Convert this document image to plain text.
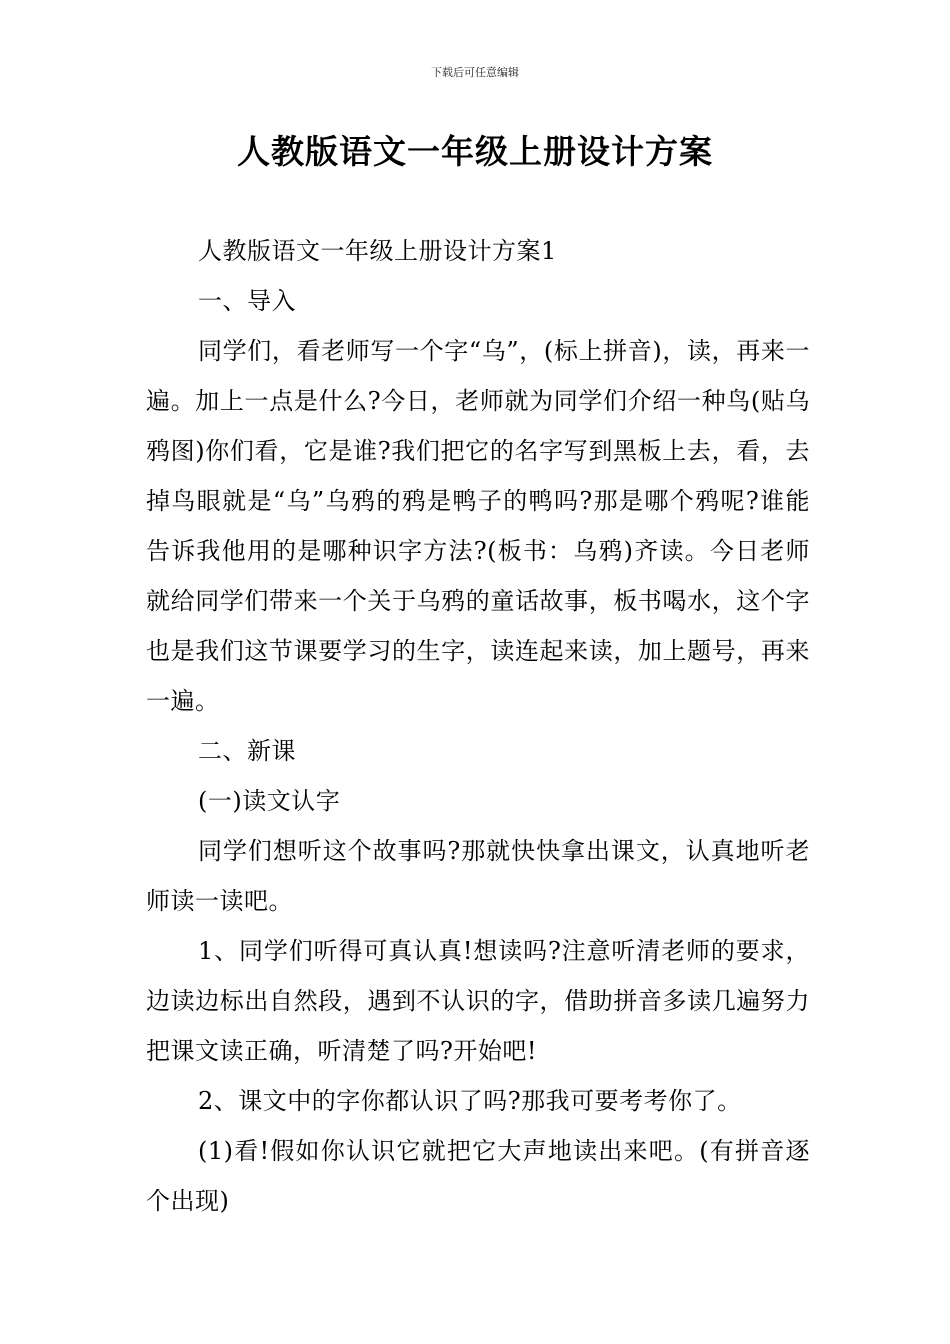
下载后可任意编辑
人教版语文一年级上册设计方案

人教版语文一年级上册设计方案1

一、导入

同学们，看老师写一个字“乌”，(标上拼音)，读，再来一遍。加上一点是什么?今日，老师就为同学们介绍一种鸟(贴乌鸦图)你们看，它是谁?我们把它的名字写到黑板上去，看，去掉鸟眼就是“乌”乌鸦的鸦是鸭子的鸭吗?那是哪个鸦呢?谁能告诉我他用的是哪种识字方法?(板书：乌鸦)齐读。今日老师就给同学们带来一个关于乌鸦的童话故事，板书喝水，这个字也是我们这节课要学习的生字，读连起来读，加上题号，再来一遍。

二、新课

(一)读文认字

同学们想听这个故事吗?那就快快拿出课文，认真地听老师读一读吧。

1、同学们听得可真认真!想读吗?注意听清老师的要求，边读边标出自然段，遇到不认识的字，借助拼音多读几遍努力把课文读正确，听清楚了吗?开始吧!

2、课文中的字你都认识了吗?那我可要考考你了。

(1)看!假如你认识它就把它大声地读出来吧。(有拼音逐个出现)
